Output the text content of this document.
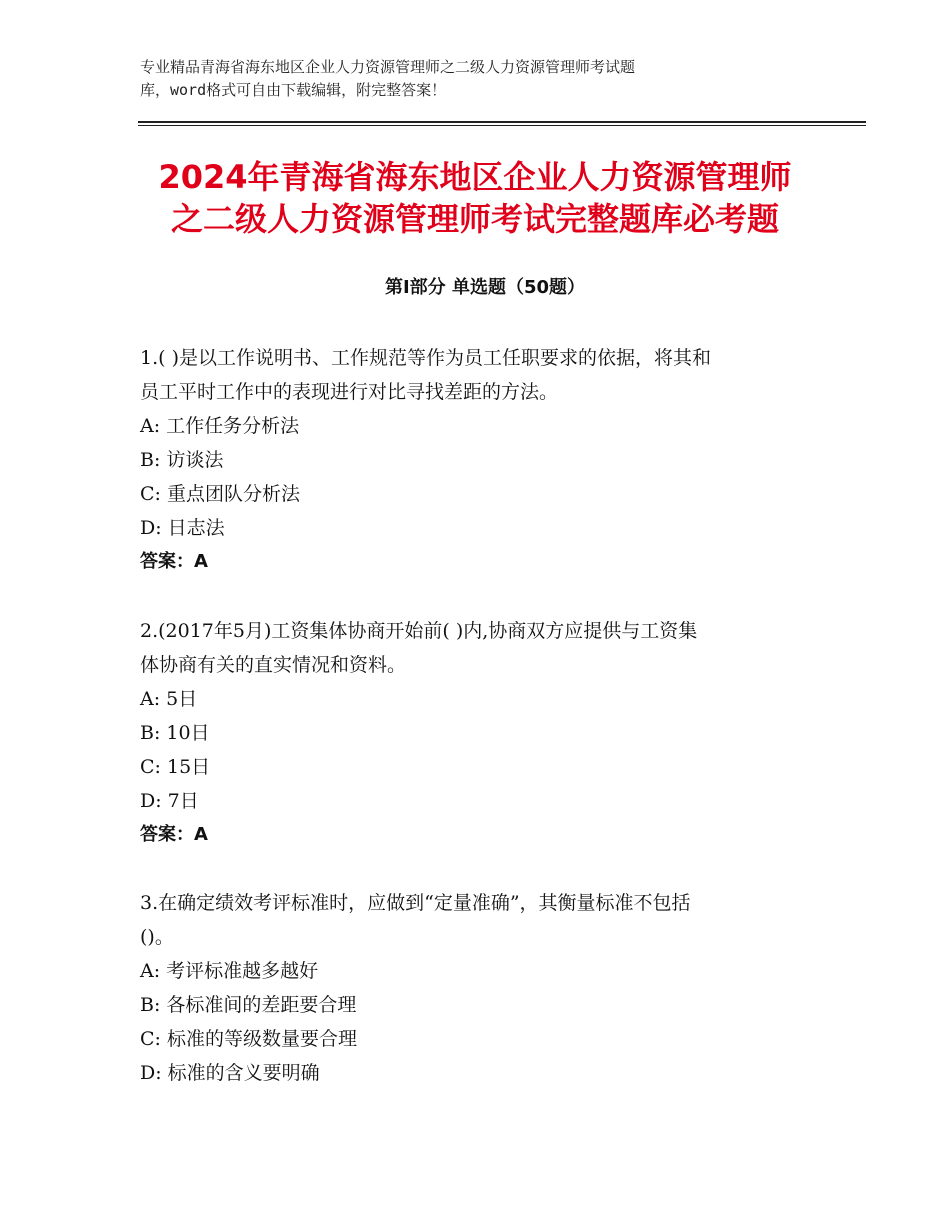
专业精品青海省海东地区企业人力资源管理师之二级人力资源管理师考试题
库，word格式可自由下载编辑，附完整答案！
2024年青海省海东地区企业人力资源管理师
之二级人力资源管理师考试完整题库必考题
第Ⅰ部分 单选题（50题）

1.( )是以工作说明书、工作规范等作为员工任职要求的依据，将其和
员工平时工作中的表现进行对比寻找差距的方法。

A: 工作任务分析法
B: 访谈法
C: 重点团队分析法
D: 日志法
答案：A

2.(2017年5月)工资集体协商开始前( )内,协商双方应提供与工资集
体协商有关的直实情况和资料。

A: 5日
B: 10日
C: 15日
D: 7日
答案：A

3.在确定绩效考评标准时，应做到“定量准确”，其衡量标准不包括
()。

A: 考评标准越多越好
B: 各标准间的差距要合理
C: 标准的等级数量要合理
D: 标准的含义要明确
